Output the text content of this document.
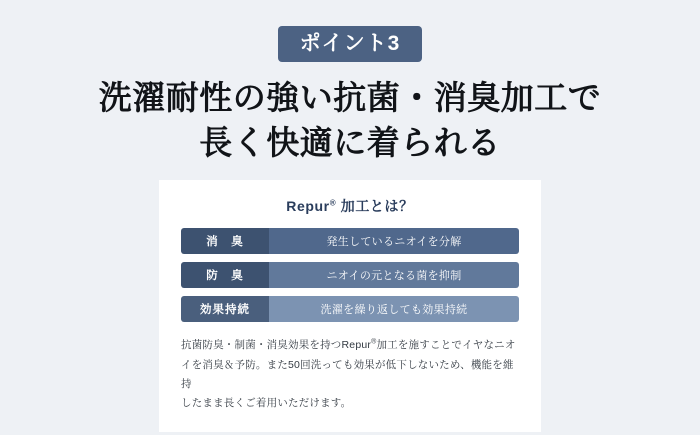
ポイント3
洗濯耐性の強い抗菌・消臭加工で
長く快適に着られる
Repur® 加工とは？
消　臭	発生しているニオイを分解
防　臭	ニオイの元となる菌を抑制
効果持続	洗濯を繰り返しても効果持続

抗菌防臭・制菌・消臭効果を持つRepur®加工を施すことでイヤなニオ

イを消臭＆予防。また50回洗っても効果が低下しないため、機能を維持

したまま長くご着用いただけます。
